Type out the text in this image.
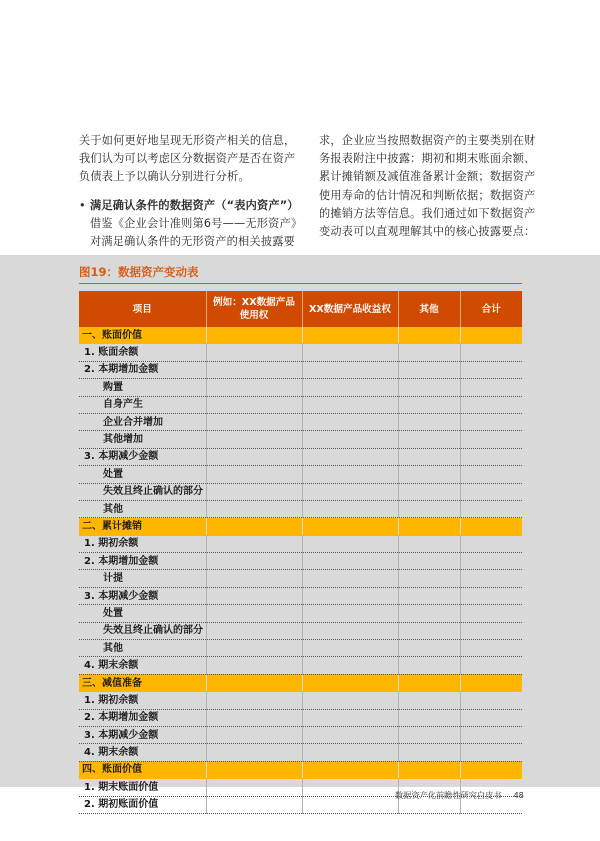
关于如何更好地呈现无形资产相关的信息，我们认为可以考虑区分数据资产是否在资产负债表上予以确认分别进行分析。

• 满足确认条件的数据资产（“表内资产”）
借鉴《企业会计准则第6号——无形资产》对满足确认条件的无形资产的相关披露要

求，企业应当按照数据资产的主要类别在财务报表附注中披露：期初和期末账面余额、累计摊销额及减值准备累计金额；数据资产使用寿命的估计情况和判断依据；数据资产的摊销方法等信息。我们通过如下数据资产变动表可以直观理解其中的核心披露要点：

图19：数据资产变动表
项目	例如：XX数据产品使用权	XX数据产品收益权	其他	合计
一、账面价值				
1. 账面余额				
2. 本期增加金额				
购置				
自身产生				
企业合并增加				
其他增加				
3. 本期减少金额				
处置				
失效且终止确认的部分				
其他				
二、累计摊销				
1. 期初余额				
2. 本期增加金额				
计提				
3. 本期减少金额				
处置				
失效且终止确认的部分				
其他				
4. 期末余额				
三、减值准备				
1. 期初余额				
2. 本期增加金额				
3. 本期减少金额				
4. 期末余额				
四、账面价值				
1. 期末账面价值				
2. 期初账面价值				
数据资产化前瞻性研究白皮书 48
